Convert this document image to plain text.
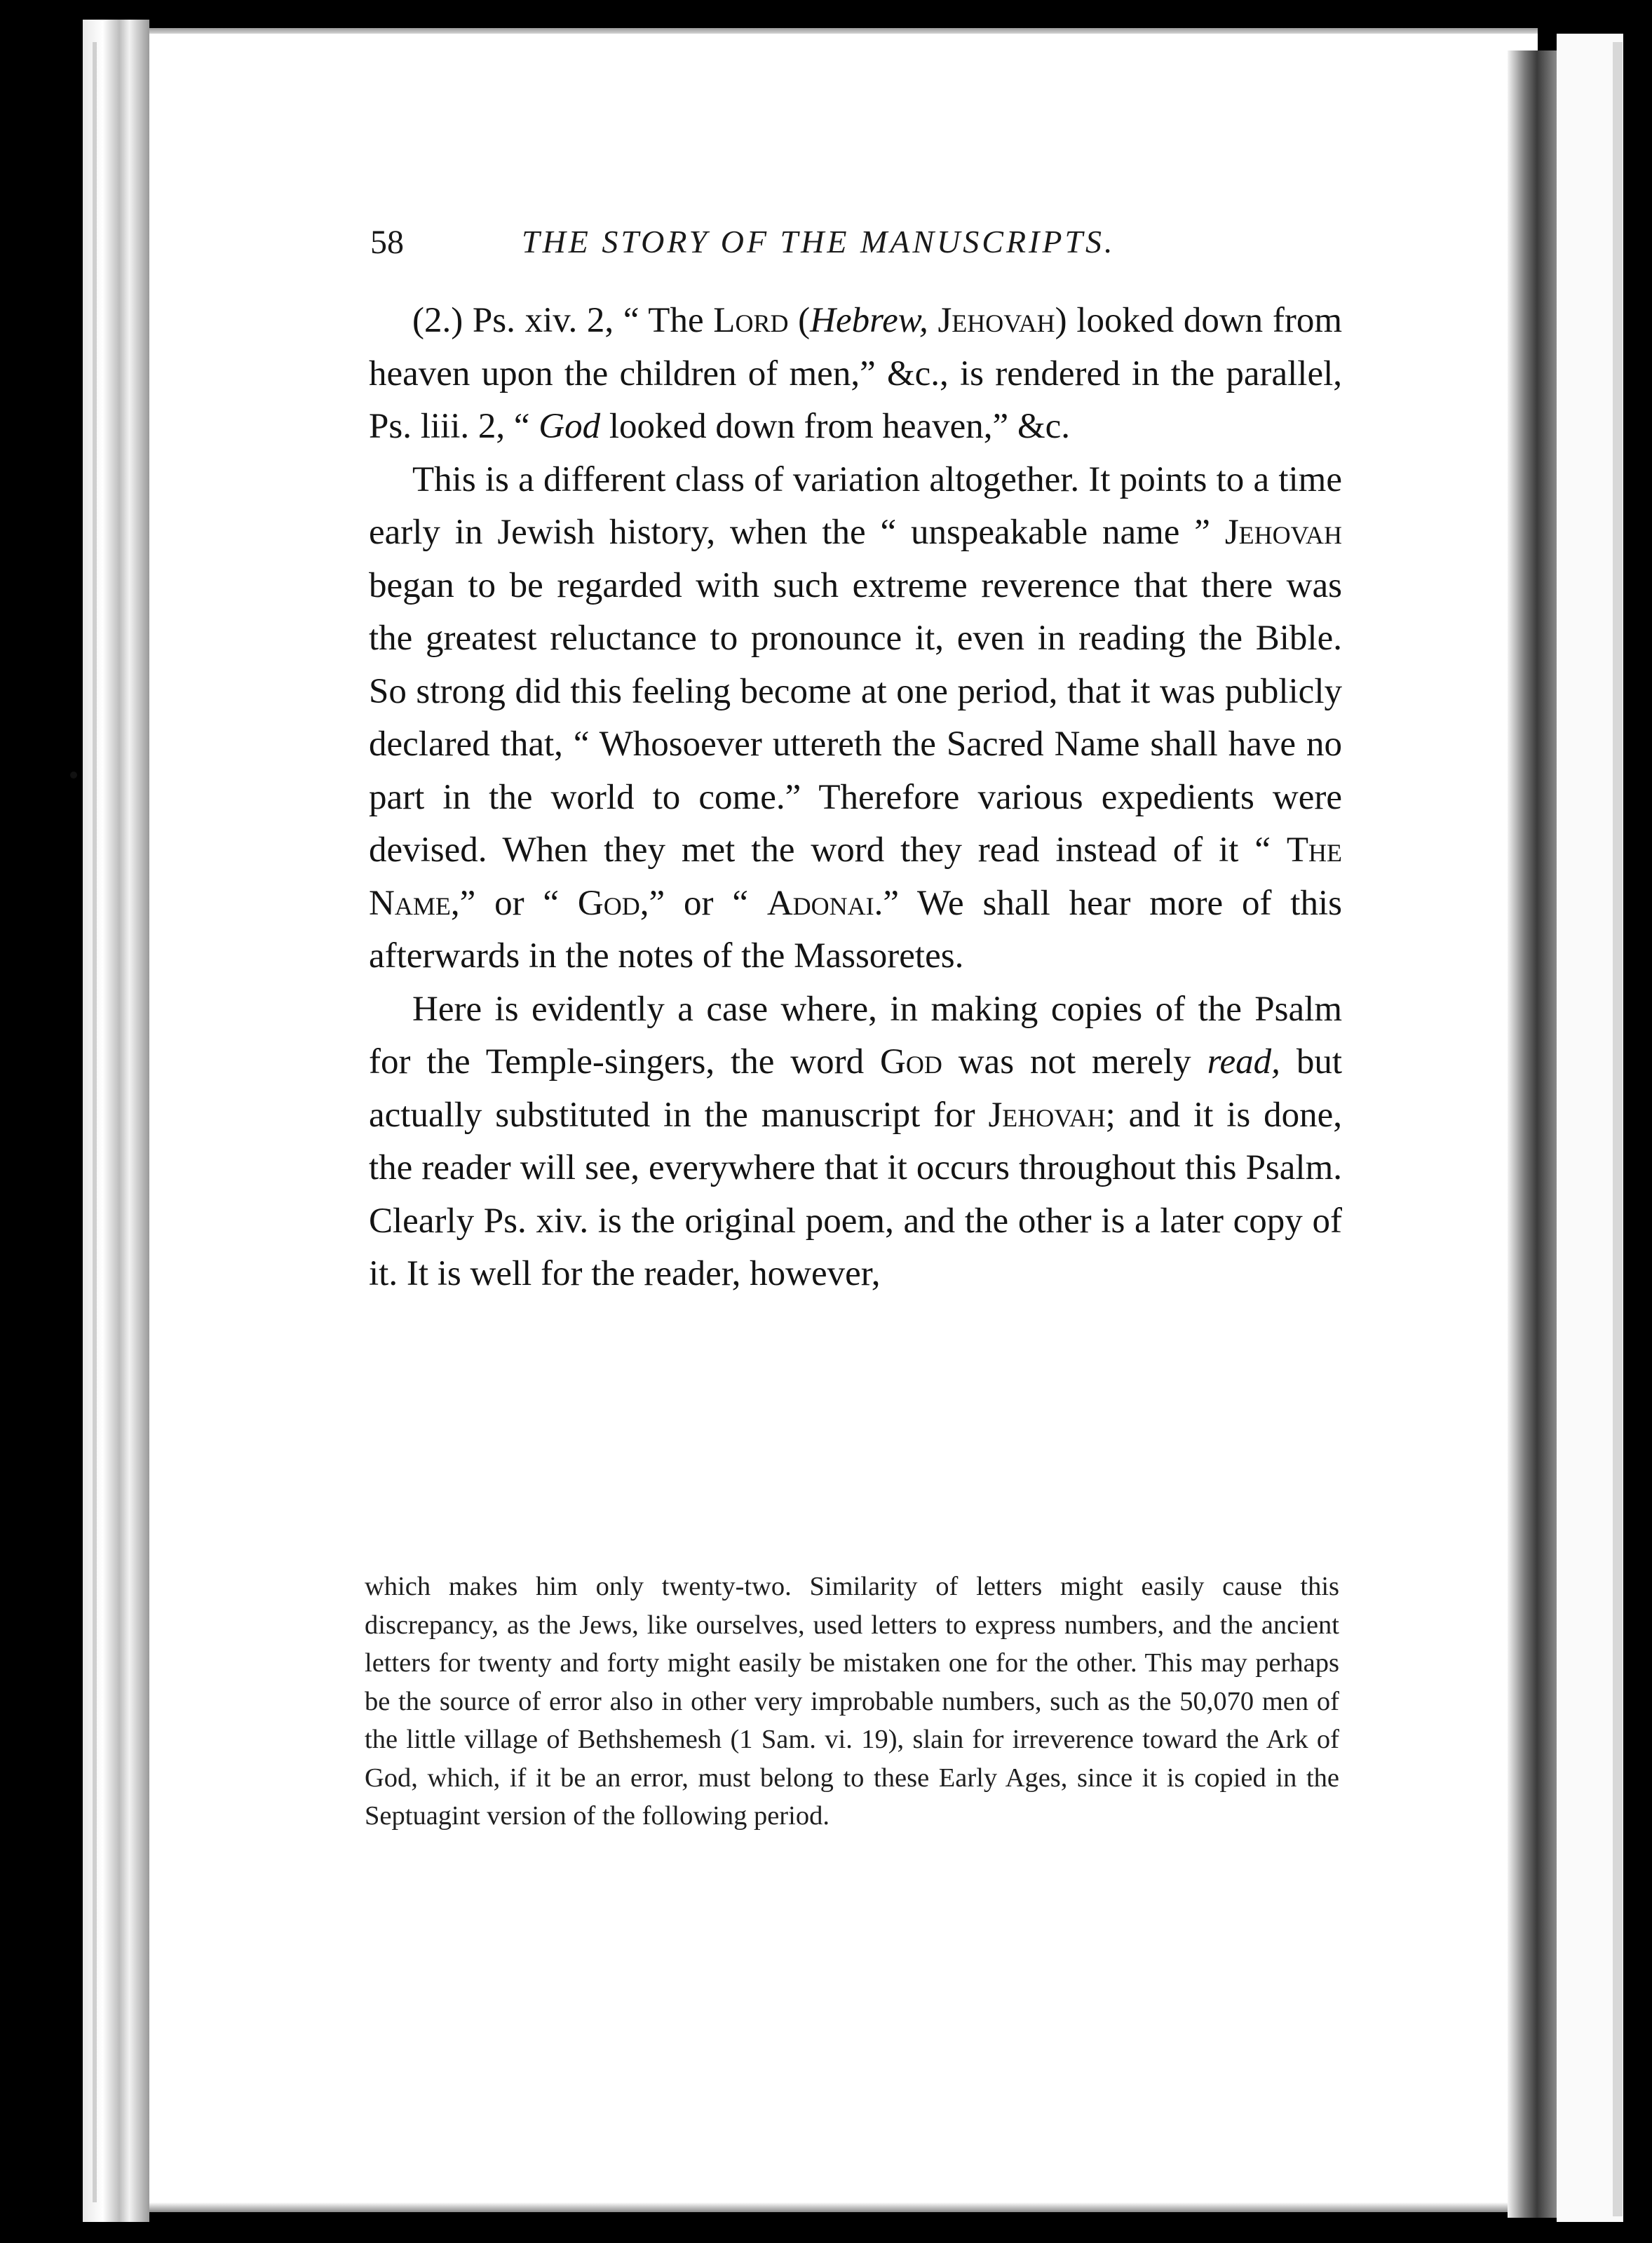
58	THE STORY OF THE MANUSCRIPTS.

(2.) Ps. xiv. 2, “ The Lord (Hebrew, Jehovah) looked down from heaven upon the children of men,” &c., is rendered in the parallel, Ps. liii. 2, “ God looked down from heaven,” &c.

This is a different class of variation altogether. It points to a time early in Jewish history, when the “ unspeakable name ” Jehovah began to be regarded with such extreme reverence that there was the greatest reluctance to pronounce it, even in reading the Bible. So strong did this feeling become at one period, that it was publicly declared that, “ Whosoever uttereth the Sacred Name shall have no part in the world to come.” Therefore various expedients were devised. When they met the word they read instead of it “ The Name,” or “ God,” or “ Adonai.” We shall hear more of this afterwards in the notes of the Massoretes.

Here is evidently a case where, in making copies of the Psalm for the Temple-singers, the word God was not merely read, but actually substituted in the manuscript for Jehovah; and it is done, the reader will see, everywhere that it occurs throughout this Psalm. Clearly Ps. xiv. is the original poem, and the other is a later copy of it. It is well for the reader, however,

which makes him only twenty-two. Similarity of letters might easily cause this discrepancy, as the Jews, like ourselves, used letters to express numbers, and the ancient letters for twenty and forty might easily be mistaken one for the other. This may perhaps be the source of error also in other very improbable numbers, such as the 50,070 men of the little village of Bethshemesh (1 Sam. vi. 19), slain for irreverence toward the Ark of God, which, if it be an error, must belong to these Early Ages, since it is copied in the Septuagint version of the following period.
